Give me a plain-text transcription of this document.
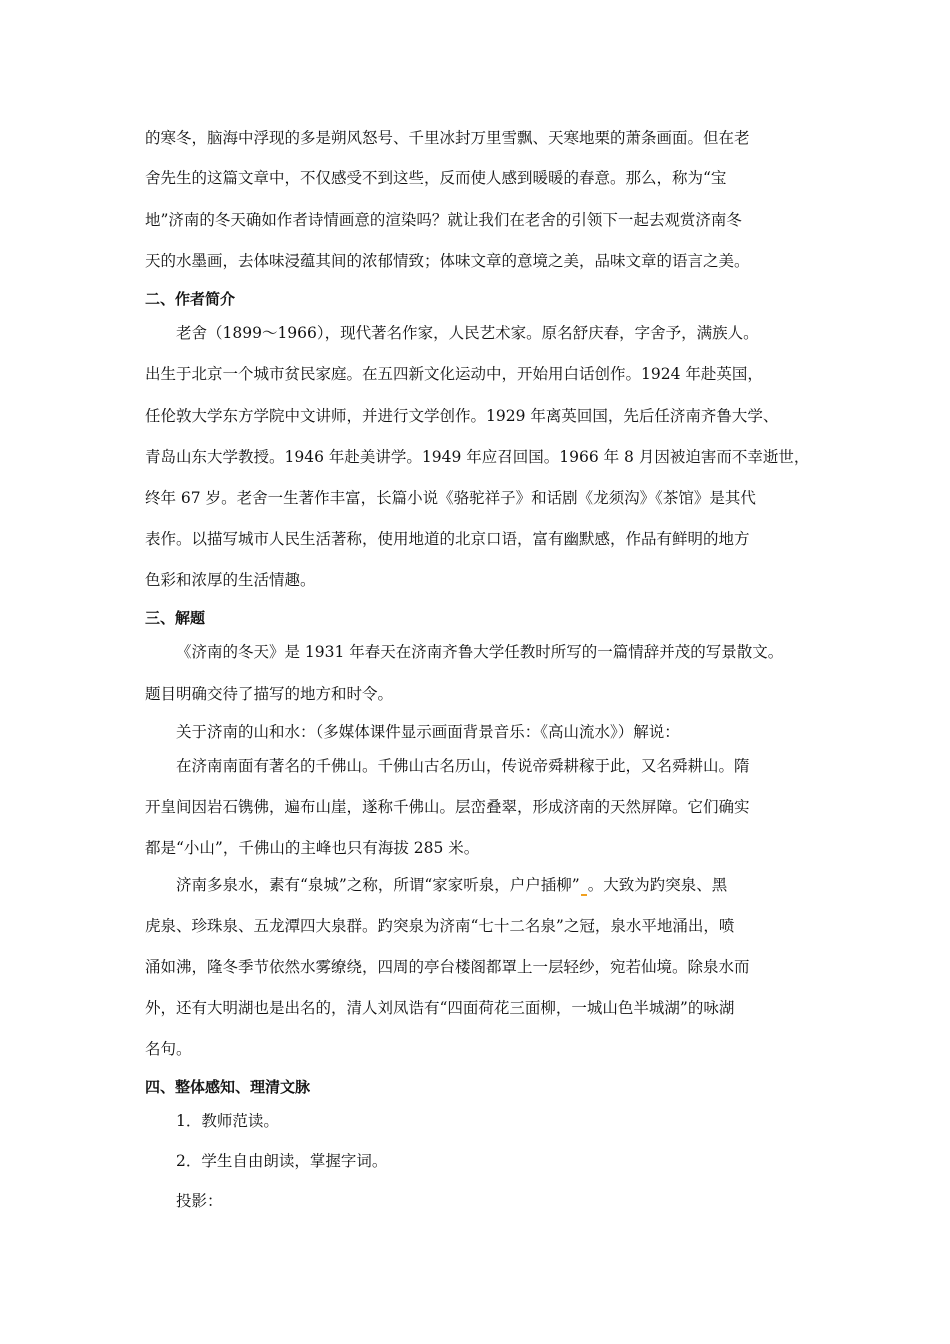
的寒冬，脑海中浮现的多是朔风怒号、千里冰封万里雪飘、天寒地栗的萧条画面。但在老
舍先生的这篇文章中，不仅感受不到这些，反而使人感到暖暖的春意。那么，称为“宝
地”济南的冬天确如作者诗情画意的渲染吗？就让我们在老舍的引领下一起去观赏济南冬
天的水墨画，去体味浸蕴其间的浓郁情致；体味文章的意境之美，品味文章的语言之美。
二、作者简介
老舍（1899～1966），现代著名作家，人民艺术家。原名舒庆春，字舍予，满族人。
出生于北京一个城市贫民家庭。在五四新文化运动中，开始用白话创作。1924 年赴英国，
任伦敦大学东方学院中文讲师，并进行文学创作。1929 年离英回国，先后任济南齐鲁大学、
青岛山东大学教授。1946 年赴美讲学。1949 年应召回国。1966 年 8 月因被迫害而不幸逝世，
终年 67 岁。老舍一生著作丰富，长篇小说《骆驼祥子》和话剧《龙须沟》《茶馆》是其代
表作。以描写城市人民生活著称，使用地道的北京口语，富有幽默感，作品有鲜明的地方
色彩和浓厚的生活情趣。
三、解题
《济南的冬天》是 1931 年春天在济南齐鲁大学任教时所写的一篇情辞并茂的写景散文。
题目明确交待了描写的地方和时令。
关于济南的山和水：（多媒体课件显示画面背景音乐：《高山流水》）解说：
在济南南面有著名的千佛山。千佛山古名历山，传说帝舜耕稼于此，又名舜耕山。隋
开皇间因岩石镌佛，遍布山崖，遂称千佛山。层峦叠翠，形成济南的天然屏障。它们确实
都是“小山”，千佛山的主峰也只有海拔 285 米。
济南多泉水，素有“泉城”之称，所谓“家家听泉，户户插柳” 。大致为趵突泉、黑
虎泉、珍珠泉、五龙潭四大泉群。趵突泉为济南“七十二名泉”之冠，泉水平地涌出，喷
涌如沸，隆冬季节依然水雾缭绕，四周的亭台楼阁都罩上一层轻纱，宛若仙境。除泉水而
外，还有大明湖也是出名的，清人刘凤诰有“四面荷花三面柳，一城山色半城湖”的咏湖
名句。
四、整体感知、理清文脉
1．教师范读。
2．学生自由朗读，掌握字词。
投影：
